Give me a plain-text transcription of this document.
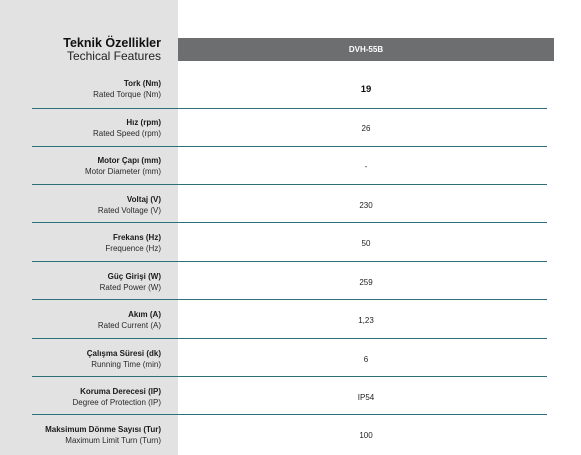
Teknik Özellikler
Techical Features	DVH-55B
Tork (Nm)
Rated Torque (Nm)	19
Hız (rpm)
Rated Speed (rpm)
26
Motor Çapı (mm)
Motor Diameter (mm)
-
Voltaj (V)
Rated Voltage (V)
230
Frekans (Hz)
Frequence (Hz)
50
Güç Girişi (W)
Rated Power (W)
259
Akım (A)
Rated Current (A)
1,23
Çalışma Süresi (dk)
Running Time (min)
6
Koruma Derecesi (IP)
Degree of Protection (IP)
IP54
Maksimum Dönme Sayısı (Tur)
Maximum Limit Turn (Turn)
100
